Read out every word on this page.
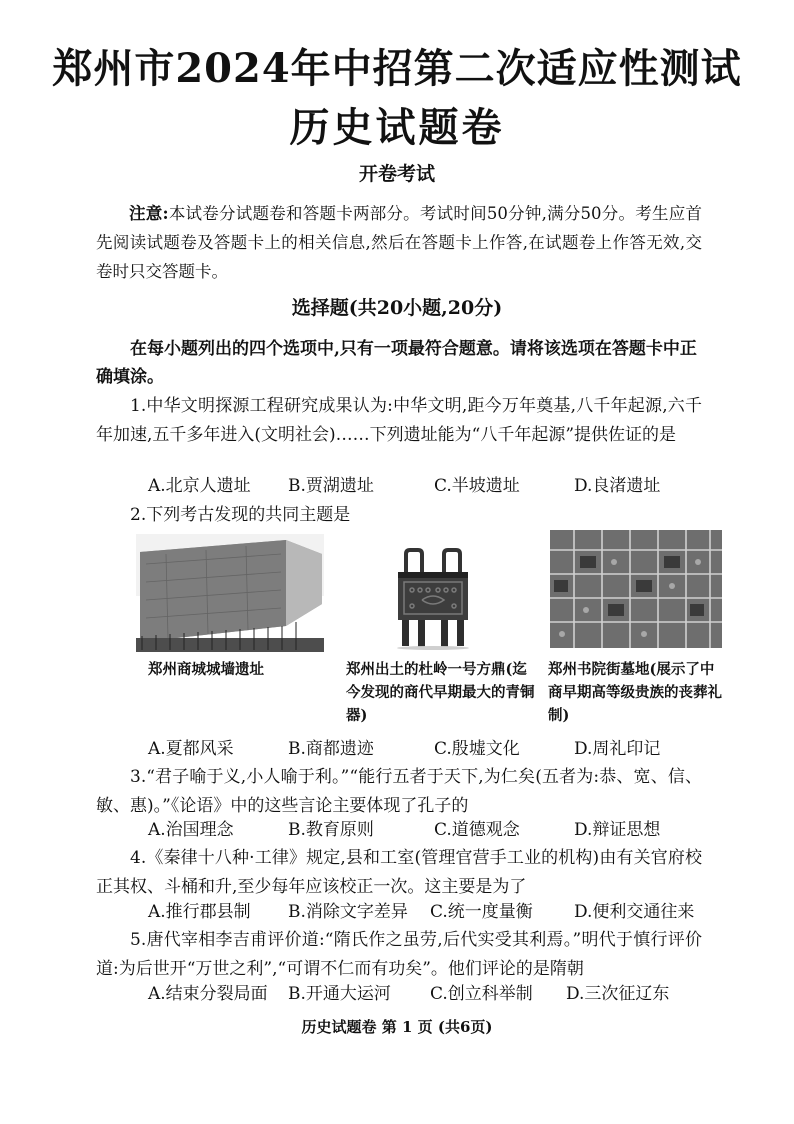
郑州市2024年中招第二次适应性测试
历史试题卷
开卷考试
注意:本试卷分试题卷和答题卡两部分。考试时间50分钟,满分50分。考生应首先阅读试题卷及答题卡上的相关信息,然后在答题卡上作答,在试题卷上作答无效,交卷时只交答题卡。
选择题(共20小题,20分)
在每小题列出的四个选项中,只有一项最符合题意。请将该选项在答题卡中正确填涂。
1.中华文明探源工程研究成果认为:中华文明,距今万年奠基,八千年起源,六千年加速,五千多年进入(文明社会)……下列遗址能为“八千年起源”提供佐证的是
A.北京人遗址 B.贾湖遗址	C.半坡遗址	D.良渚遗址
2.下列考古发现的共同主题是
郑州商城城墙遗址	郑州出土的杜岭一号方鼎(迄今发现的商代早期最大的青铜器)
郑州书院街墓地(展示了中商早期高等级贵族的丧葬礼制)
A.夏都风采	B.商都遗迹	C.殷墟文化	D.周礼印记
3.“君子喻于义,小人喻于利。”“能行五者于天下,为仁矣(五者为:恭、宽、信、敏、惠)。”《论语》中的这些言论主要体现了孔子的
A.治国理念	B.教育原则	C.道德观念	D.辩证思想
4.《秦律十八种·工律》规定,县和工室(管理官营手工业的机构)由有关官府校正其权、斗桶和升,至少每年应该校正一次。这主要是为了
A.推行郡县制 B.消除文字差异 C.统一度量衡 D.便利交通往来
5.唐代宰相李吉甫评价道:“隋氏作之虽劳,后代实受其利焉。”明代于慎行评价道:为后世开“万世之利”,“可谓不仁而有功矣”。他们评论的是隋朝
A.结束分裂局面 B.开通大运河 C.创立科举制 D.三次征辽东
历史试题卷 第 1 页 (共6页)
